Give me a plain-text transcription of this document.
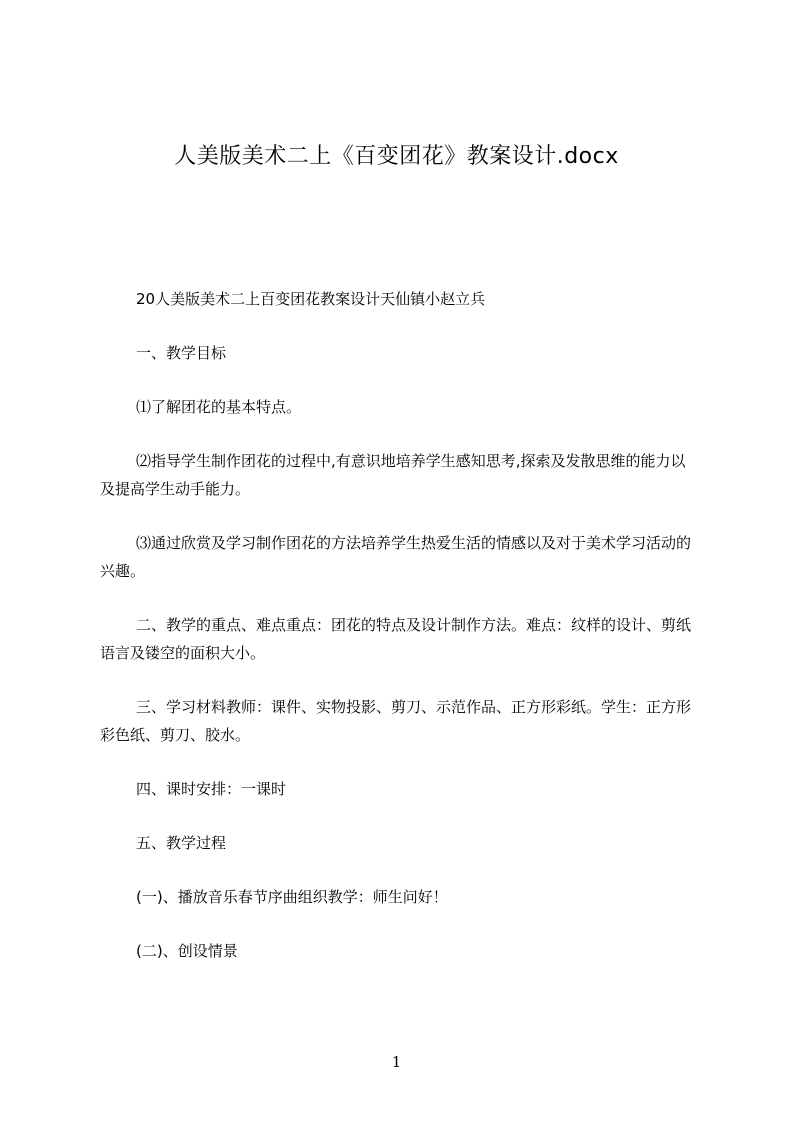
人美版美术二上《百变团花》教案设计.docx

20人美版美术二上百变团花教案设计天仙镇小赵立兵

一、教学目标

⑴了解团花的基本特点。

⑵指导学生制作团花的过程中,有意识地培养学生感知思考,探索及发散思维的能力以及提高学生动手能力。

⑶通过欣赏及学习制作团花的方法培养学生热爱生活的情感以及对于美术学习活动的兴趣。

二、教学的重点、难点重点：团花的特点及设计制作方法。难点：纹样的设计、剪纸语言及镂空的面积大小。

三、学习材料教师：课件、实物投影、剪刀、示范作品、正方形彩纸。学生：正方形彩色纸、剪刀、胶水。

四、课时安排：一课时

五、教学过程

(一)、播放音乐春节序曲组织教学：师生问好！

(二)、创设情景

1
